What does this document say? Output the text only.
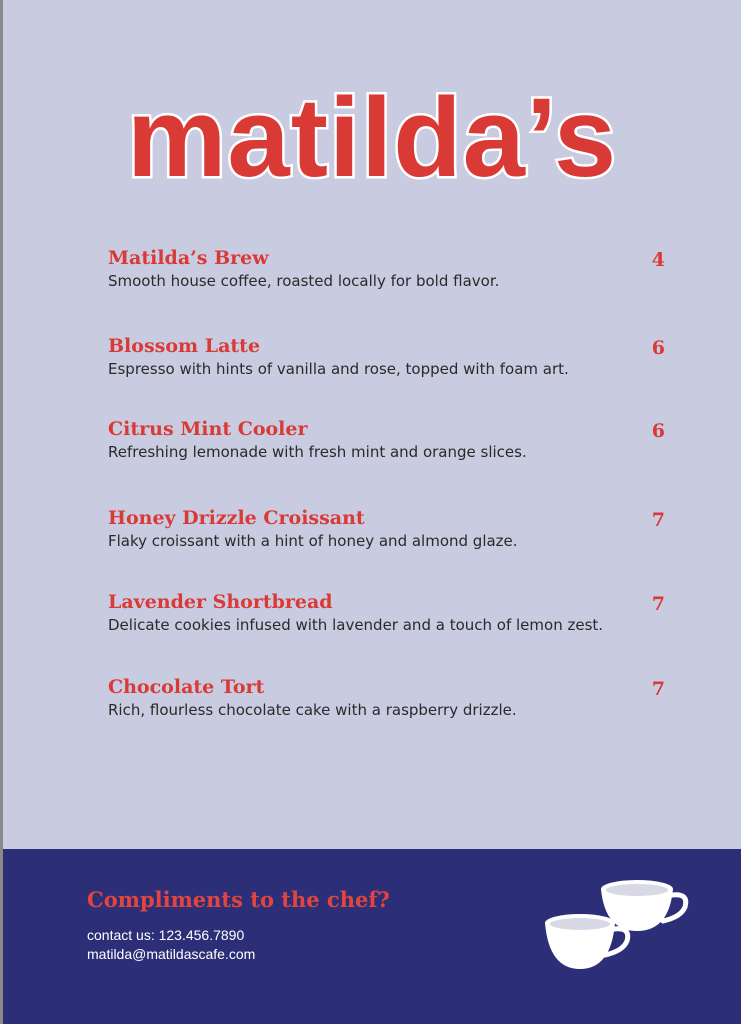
matilda’s
Matilda’s Brew	4
Smooth house coffee, roasted locally for bold flavor.
Blossom Latte	6
Espresso with hints of vanilla and rose, topped with foam art.
Citrus Mint Cooler	6
Refreshing lemonade with fresh mint and orange slices.
Honey Drizzle Croissant	7
Flaky croissant with a hint of honey and almond glaze.
Lavender Shortbread	7
Delicate cookies infused with lavender and a touch of lemon zest.
Chocolate Tort	7
Rich, flourless chocolate cake with a raspberry drizzle.
Compliments to the chef?
contact us: 123.456.7890
matilda@matildascafe.com
